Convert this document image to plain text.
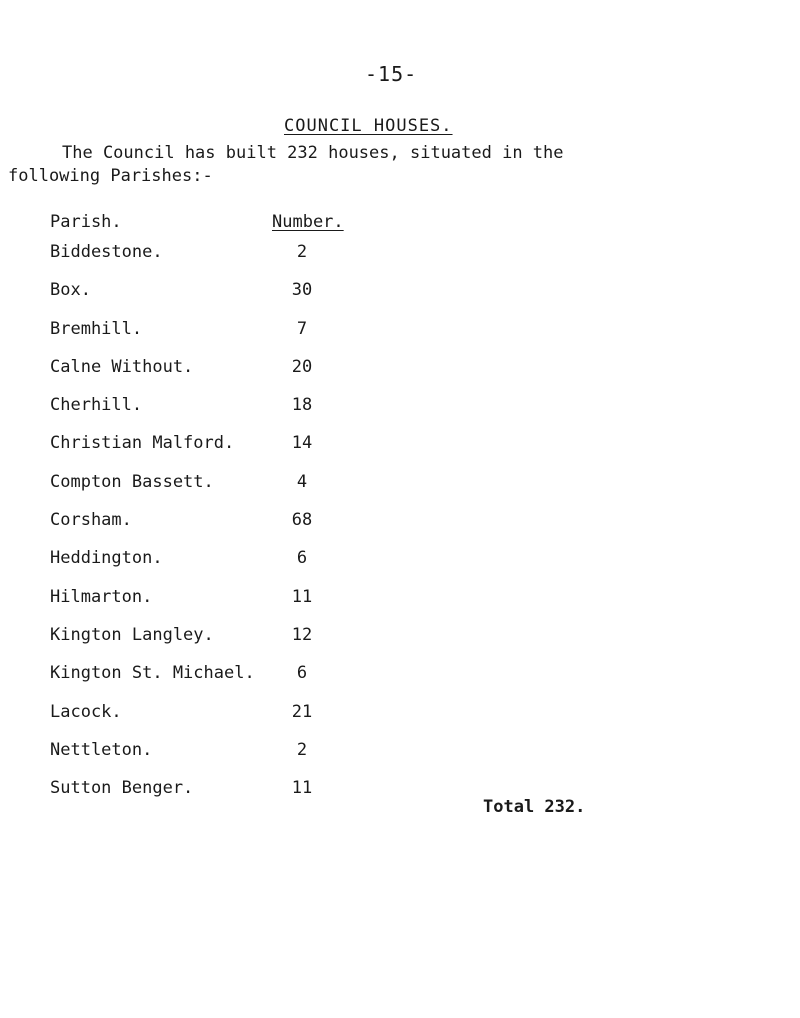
-15-
COUNCIL HOUSES.
The Council has built 232 houses, situated in the
following Parishes:-
Parish.	Number.
Biddestone.	2
Box.	30
Bremhill.	7
Calne Without.	20
Cherhill.	18
Christian Malford.	14
Compton Bassett.	4
Corsham.	68
Heddington.	6
Hilmarton.	11
Kington Langley.	12
Kington St. Michael.	6
Lacock.	21
Nettleton.	2
Sutton Benger.	11
Total 232.
